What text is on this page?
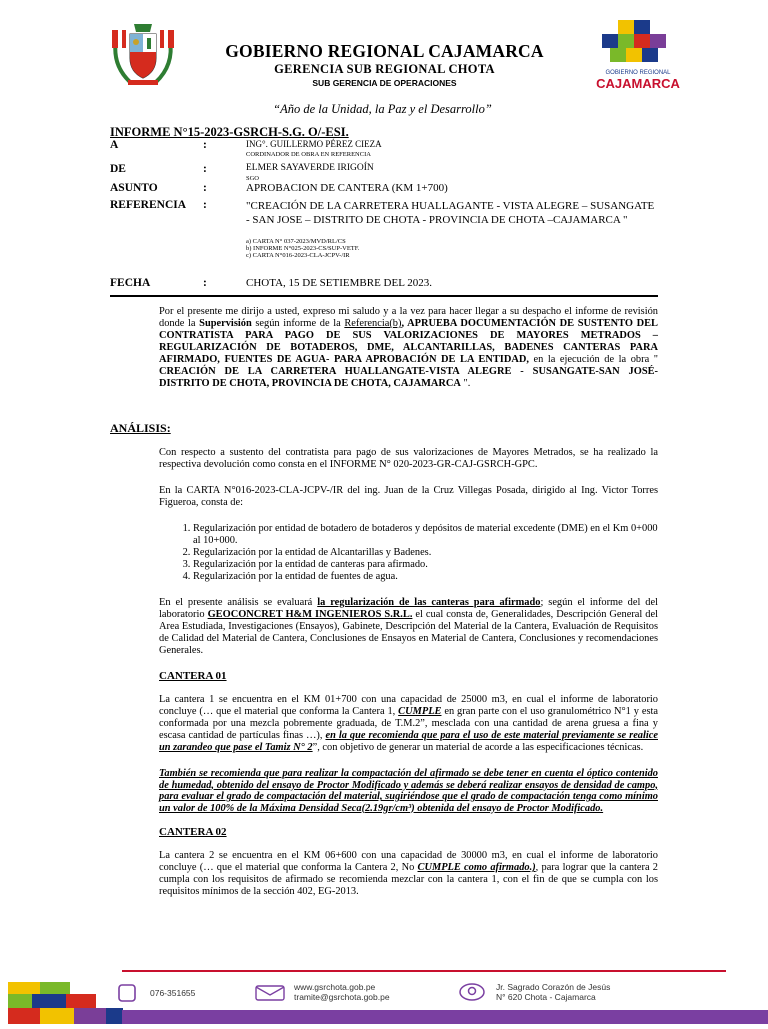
GOBIERNO REGIONAL CAJAMARCA
GERENCIA SUB REGIONAL CHOTA
SUB GERENCIA DE OPERACIONES
GOBIERNO REGIONAL
CAJAMARCA
“Año de la Unidad, la Paz y el Desarrollo”
INFORME N°15-2023-GSRCH-S.G. O/-ESI.
A	:	ING°. GUILLERMO PÉREZ CIEZA
CORDINADOR DE OBRA EN REFERENCIA
DE	:	ELMER SAYAVERDE IRIGOÍN
SGO
ASUNTO	:	APROBACION DE CANTERA (KM 1+700)
REFERENCIA :	"CREACIÓN DE LA CARRETERA HUALLAGANTE - VISTA ALEGRE – SUSANGATE - SAN JOSE – DISTRITO DE CHOTA - PROVINCIA DE CHOTA –CAJAMARCA "
a) CARTA N° 037-2023/MVD/RL/CS
b) INFORME N°025-2023-CS/SUP-VETF.
c) CARTA N°016-2023-CLA-JCPV-/IR
FECHA	:	CHOTA, 15 DE SETIEMBRE DEL 2023.

Por el presente me dirijo a usted, expreso mi saludo y a la vez para hacer llegar a su despacho el informe de revisión donde la Supervisión según informe de la Referencia(b), APRUEBA DOCUMENTACIÓN DE SUSTENTO DEL CONTRATISTA PARA PAGO DE SUS VALORIZACIONES DE MAYORES METRADOS – REGULARIZACIÓN DE BOTADEROS, DME, ALCANTARILLAS, BADENES CANTERAS PARA AFIRMADO, FUENTES DE AGUA- PARA APROBACIÓN DE LA ENTIDAD, en la ejecución de la obra " CREACIÓN DE LA CARRETERA HUALLANGATE-VISTA ALEGRE - SUSANGATE-SAN JOSÉ-DISTRITO DE CHOTA, PROVINCIA DE CHOTA, CAJAMARCA ".

ANÁLISIS:

Con respecto a sustento del contratista para pago de sus valorizaciones de Mayores Metrados, se ha realizado la respectiva devolución como consta en el INFORME N° 020-2023-GR-CAJ-GSRCH-GPC.

En la CARTA N°016-2023-CLA-JCPV-/IR del ing. Juan de la Cruz Villegas Posada, dirigido al Ing. Victor Torres Figueroa, consta de:

1. Regularización por entidad de botadero de botaderos y depósitos de material excedente (DME) en el Km 0+000 al 10+000.
2. Regularización por la entidad de Alcantarillas y Badenes.
3. Regularización por la entidad de canteras para afirmado.
4. Regularización por la entidad de fuentes de agua.

En el presente análisis se evaluará la regularización de las canteras para afirmado; según el informe del del laboratorio GEOCONCRET H&M INGENIEROS S.R.L. el cual consta de, Generalidades, Descripción General del Area Estudiada, Investigaciones (Ensayos), Gabinete, Descripción del Material de la Cantera, Evaluación de Requisitos de Calidad del Material de Cantera, Conclusiones de Ensayos en Material de Cantera, Conclusiones y recomendaciones Generales.

CANTERA 01

La cantera 1 se encuentra en el KM 01+700 con una capacidad de 25000 m3, en cual el informe de laboratorio concluye (… que el material que conforma la Cantera 1, CUMPLE en gran parte con el uso granulométrico N°1 y esta conformada por una mezcla pobremente graduada, de T.M.2”, mesclada con una cantidad de arena gruesa a fina y escasa cantidad de partículas finas …), en la que recomienda que para el uso de este material previamente se realice un zarandeo que pase el Tamiz N° 2”, con objetivo de generar un material de acorde a las especificaciones técnicas.

También se recomienda que para realizar la compactación del afirmado se debe tener en cuenta el óptico contenido de humedad, obtenido del ensayo de Proctor Modificado y además se deberá realizar ensayos de densidad de campo, para evaluar el grado de compactación del material, sugiriéndose que el grado de compactación tenga como mínimo un valor de 100% de la Máxima Densidad Seca(2.19gr/cm³) obtenida del ensayo de Proctor Modificado.

CANTERA 02

La cantera 2 se encuentra en el KM 06+600 con una capacidad de 30000 m3, en cual el informe de laboratorio concluye (… que el material que conforma la Cantera 2, No CUMPLE como afirmado.), para lograr que la cantera 2 cumpla con los requisitos de afirmado se recomienda mezclar con la cantera 1, con el fin de que se cumpla con los requisitos mínimos de la sección 402, EG-2013.

076-351655
www.gsrchota.gob.pe
tramite@gsrchota.gob.pe
Jr. Sagrado Corazón de Jesús
N° 620 Chota - Cajamarca
